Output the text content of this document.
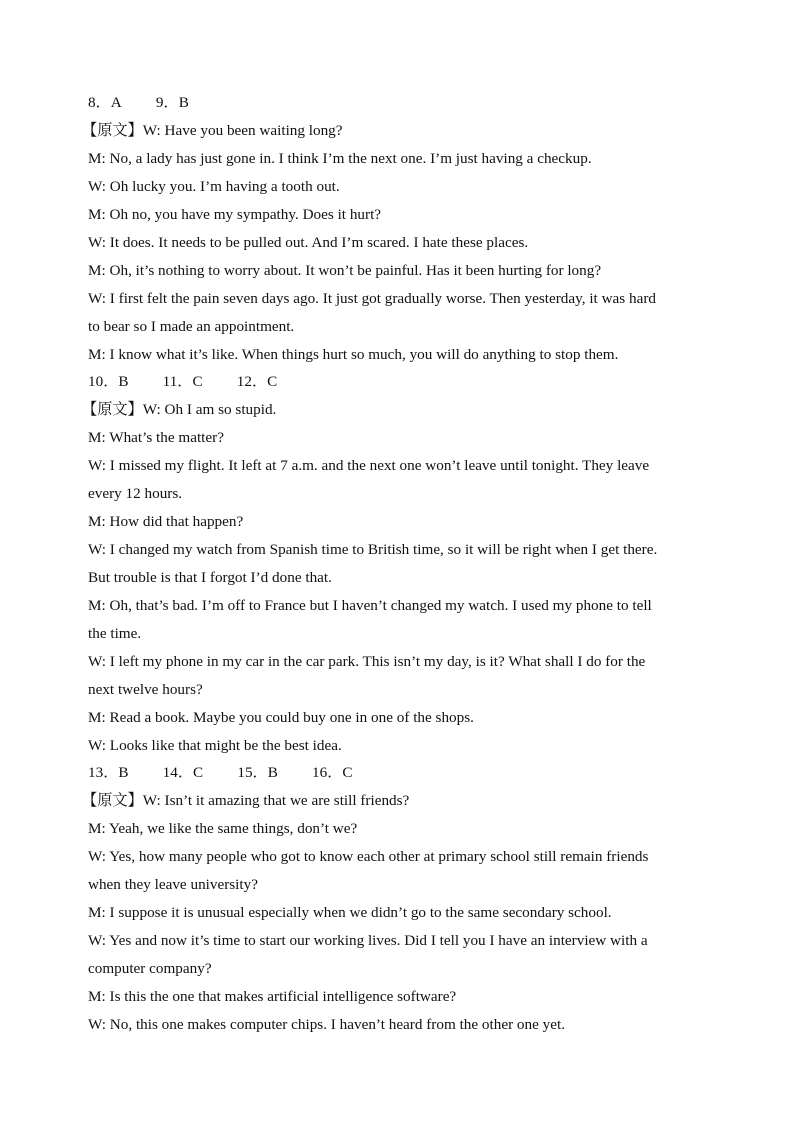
8．A   9．B
【原文】W: Have you been waiting long?
M: No, a lady has just gone in. I think I’m the next one. I’m just having a checkup.
W: Oh lucky you. I’m having a tooth out.
M: Oh no, you have my sympathy. Does it hurt?
W: It does. It needs to be pulled out. And I’m scared. I hate these places.
M: Oh, it’s nothing to worry about. It won’t be painful. Has it been hurting for long?
W: I first felt the pain seven days ago. It just got gradually worse. Then yesterday, it was hard
to bear so I made an appointment.
M: I know what it’s like. When things hurt so much, you will do anything to stop them.
10．B   11．C   12．C
【原文】W: Oh I am so stupid.
M: What’s the matter?
W: I missed my flight. It left at 7 a.m. and the next one won’t leave until tonight. They leave
every 12 hours.
M: How did that happen?
W: I changed my watch from Spanish time to British time, so it will be right when I get there.
But trouble is that I forgot I’d done that.
M: Oh, that’s bad. I’m off to France but I haven’t changed my watch. I used my phone to tell
the time.
W: I left my phone in my car in the car park. This isn’t my day, is it? What shall I do for the
next twelve hours?
M: Read a book. Maybe you could buy one in one of the shops.
W: Looks like that might be the best idea.
13．B   14．C   15．B   16．C
【原文】W: Isn’t it amazing that we are still friends?
M: Yeah, we like the same things, don’t we?
W: Yes, how many people who got to know each other at primary school still remain friends
when they leave university?
M: I suppose it is unusual especially when we didn’t go to the same secondary school.
W: Yes and now it’s time to start our working lives. Did I tell you I have an interview with a
computer company?
M: Is this the one that makes artificial intelligence software?
W: No, this one makes computer chips. I haven’t heard from the other one yet.
